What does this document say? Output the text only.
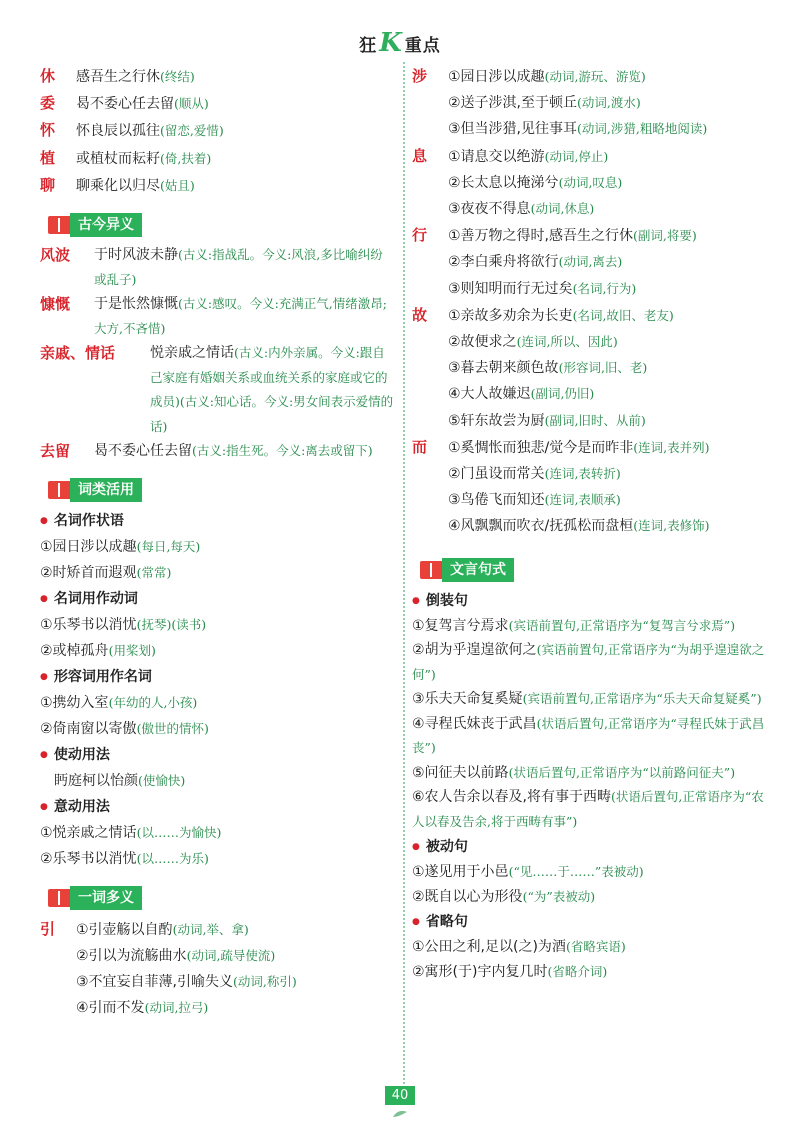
狂K 重点
休 感吾生之行休(终结)
委 曷不委心任去留(顺从)
怀 怀良辰以孤往(留恋,爱惜)
植 或植杖而耘耔(倚,扶着)
聊 聊乘化以归尽(姑且)
古今异义
风波	于时风波未静(古义:指战乱。今义:风浪,多比喻纠纷或乱子)
慷慨	于是怅然慷慨(古义:感叹。今义:充满正气,情绪激昂;大方,不吝惜)
亲戚、情话	悦亲戚之情话(古义:内外亲属。今义:跟自己家庭有婚姻关系或血统关系的家庭或它的成员)(古义:知心话。今义:男女间表示爱情的话)
去留	曷不委心任去留(古义:指生死。今义:离去或留下)
词类活用
● 名词作状语
①园日涉以成趣(每日,每天)
②时矫首而遐观(常常)
● 名词用作动词
①乐琴书以消忧(抚琴)(读书)
②或棹孤舟(用桨划)
● 形容词用作名词
①携幼入室(年幼的人,小孩)
②倚南窗以寄傲(傲世的情怀)
● 使动用法
眄庭柯以怡颜(使愉快)
● 意动用法
①悦亲戚之情话(以……为愉快)
②乐琴书以消忧(以……为乐)
一词多义
引 ①引壶觞以自酌(动词,举、拿)
②引以为流觞曲水(动词,疏导使流)
③不宜妄自菲薄,引喻失义(动词,称引)
④引而不发(动词,拉弓)
涉 ①园日涉以成趣(动词,游玩、游览)
②送子涉淇,至于顿丘(动词,渡水)
③但当涉猎,见往事耳(动词,涉猎,粗略地阅读)
息 ①请息交以绝游(动词,停止)
②长太息以掩涕兮(动词,叹息)
③夜夜不得息(动词,休息)
行 ①善万物之得时,感吾生之行休(副词,将要)
②李白乘舟将欲行(动词,离去)
③则知明而行无过矣(名词,行为)
故 ①亲故多劝余为长吏(名词,故旧、老友)
②故便求之(连词,所以、因此)
③暮去朝来颜色故(形容词,旧、老)
④大人故嫌迟(副词,仍旧)
⑤轩东故尝为厨(副词,旧时、从前)
而 ①奚惆怅而独悲/觉今是而昨非(连词,表并列)
②门虽设而常关(连词,表转折)
③鸟倦飞而知还(连词,表顺承)
④风飘飘而吹衣/抚孤松而盘桓(连词,表修饰)
文言句式
● 倒装句
①复驾言兮焉求(宾语前置句,正常语序为“复驾言兮求焉”)
②胡为乎遑遑欲何之(宾语前置句,正常语序为“为胡乎遑遑欲之何”)
③乐夫天命复奚疑(宾语前置句,正常语序为“乐夫天命复疑奚”)
④寻程氏妹丧于武昌(状语后置句,正常语序为“寻程氏妹于武昌丧”)
⑤问征夫以前路(状语后置句,正常语序为“以前路问征夫”)
⑥农人告余以春及,将有事于西畴(状语后置句,正常语序为“农人以春及告余,将于西畴有事”)
● 被动句
①遂见用于小邑(“见……于……”表被动)
②既自以心为形役(“为”表被动)
● 省略句
①公田之利,足以(之)为酒(省略宾语)
②寓形(于)宇内复几时(省略介词)
40
